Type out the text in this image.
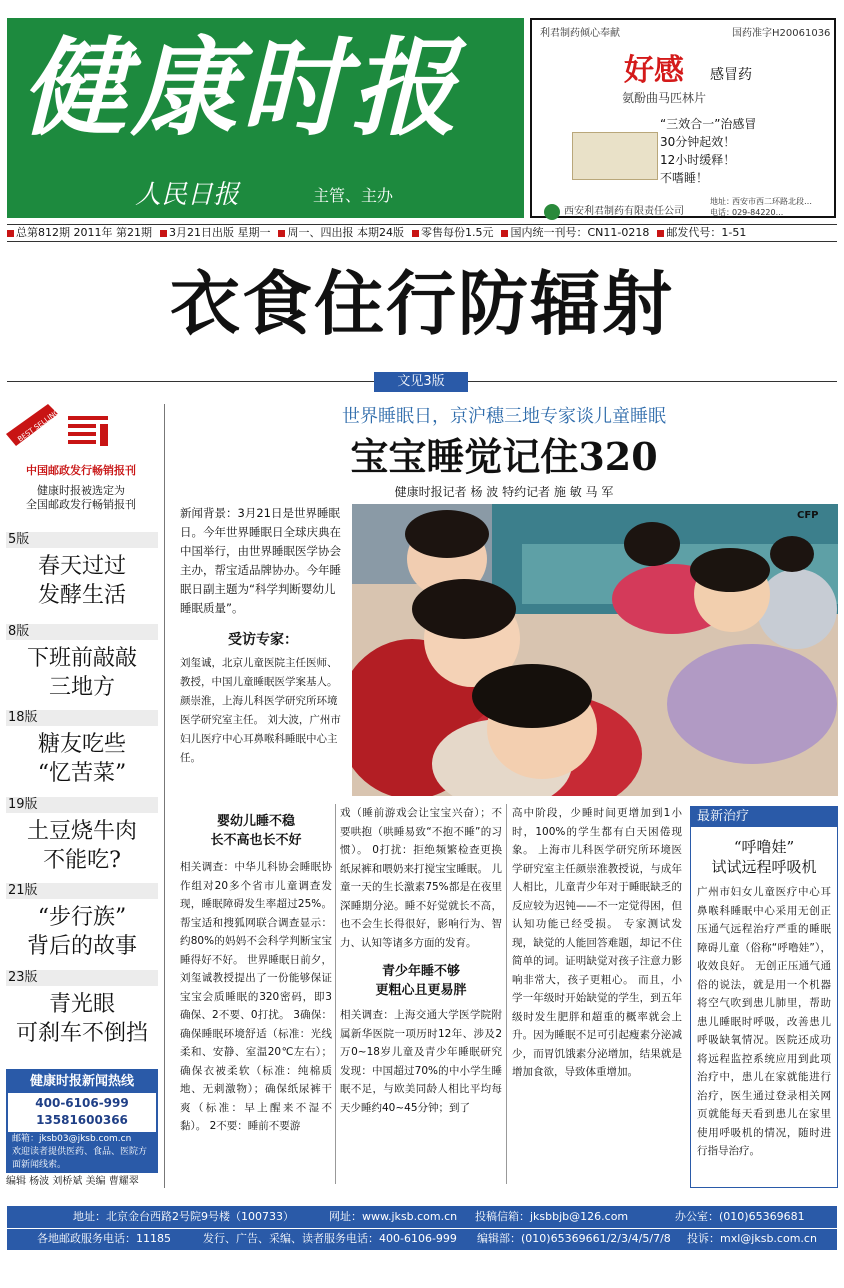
健康时报
人民日报	主管、主办
利君制药倾心奉献	国药准字H20061036
好感 感冒药
氨酚曲马匹林片
“三效合一”治感冒
30分钟起效！
12小时缓释！
不嗜睡！
西安利君制药有限责任公司
地址：
西安市西二环路北段…
电话：
029-84220...
总第812期 2011年 第21期 3月21日出版 星期一 周一、四出报 本期24版 零售每份1.5元 国内统一刊号：CN11-0218 邮发代号：1-51
衣食住行防辐射
文见3版
BEST SELLING
中国邮政发行畅销报刊
健康时报被选定为
全国邮政发行畅销报刊
5版
春天过过
发酵生活
8版
下班前敲敲
三地方
18版
糖友吃些
“忆苦菜”
19版
土豆烧牛肉
不能吃?
21版
“步行族”
背后的故事
23版
青光眼
可刹车不倒挡
健康时报新闻热线
400-6106-999
13581600366
邮箱：jksb03@jksb.com.cn
欢迎读者提供医药、食品、医院方面新闻线索。
编辑 杨波 刘桥斌 美编 曹耀翠
世界睡眠日，京沪穗三地专家谈儿童睡眠
宝宝睡觉记住320
健康时报记者 杨 波 特约记者 施 敏 马 军
新闻背景：3月21日是世界睡眠日。今年世界睡眠日全球庆典在中国举行，由世界睡眠医学协会主办，帮宝适品牌协办。今年睡眠日副主题为“科学判断婴幼儿睡眠质量”。
受访专家：
刘玺诚，北京儿童医院主任医师、教授，中国儿童睡眠医学案基人。 颜崇淮，上海儿科医学研究所环境医学研究室主任。 刘大波，广州市妇儿医疗中心耳鼻喉科睡眠中心主任。
CFP
婴幼儿睡不稳
长不高也长不好
相关调查：中华儿科协会睡眠协作组对20多个省市儿童调查发现，睡眠障碍发生率超过25%。帮宝适和搜狐网联合调查显示：约80%的妈妈不会科学判断宝宝睡得好不好。 世界睡眠日前夕，刘玺诚教授提出了一份能够保证宝宝会质睡眠的320密码，即3确保、2不要、0打扰。 3确保：确保睡眠环境舒适（标准：光线柔和、安静、室温20℃左右）；确保衣被柔软（标准：纯棉质地、无刺激物）；确保纸尿裤干爽（标准：早上醒来不湿不黏）。 2不要：睡前不要游
戏（睡前游戏会让宝宝兴奋）；不要哄抱（哄睡易致“不抱不睡”的习惯）。 0打扰：拒绝频繁检查更换纸尿裤和喂奶来打搅宝宝睡眠。 儿童一天的生长激素75%都是在夜里深睡期分泌。睡不好觉就长不高，也不会生长得很好，影响行为、智力、认知等诸多方面的发育。
青少年睡不够
更粗心且更易胖
相关调查：上海交通大学医学院附属新华医院一项历时12年、涉及2万0~18岁儿童及青少年睡眠研究发现：中国超过70%的中小学生睡眠不足，与欧美同龄人相比平均每天少睡约40~45分钟；到了
高中阶段，少睡时间更增加到1小时，100%的学生都有白天困倦现象。 上海市儿科医学研究所环境医学研究室主任颜崇淮教授说，与成年人相比，儿童青少年对于睡眠缺乏的反应较为迟钝——不一定觉得困，但认知功能已经受损。 专家测试发现，缺觉的人能回答难题，却记不住简单的词。证明缺觉对孩子注意力影响非常大，孩子更粗心。 而且，小学一年级时开始缺觉的学生，到五年级时发生肥胖和超重的概率就会上升。因为睡眠不足可引起瘦素分泌减少，而胃饥饿素分泌增加，结果就是增加食欲，导致体重增加。
最新治疗
“呼噜娃”
试试远程呼吸机
广州市妇女儿童医疗中心耳鼻喉科睡眠中心采用无创正压通气远程治疗严重的睡眠障碍儿童（俗称“呼噜娃”），收效良好。 无创正压通气通俗的说法，就是用一个机器将空气吹到患儿肺里，帮助患儿睡眠时呼吸，改善患儿呼吸缺氧情况。医院还成功将远程监控系统应用到此项治疗中，患儿在家就能进行治疗，医生通过登录相关网页就能每天看到患儿在家里使用呼吸机的情况，随时进行指导治疗。
地址：北京金台西路2号院9号楼（100733）	网址：www.jksb.com.cn 投稿信箱：jksbbjb@126.com	办公室：(010)65369681
各地邮政服务电话：11185	发行、广告、采编、读者服务电话：400-6106-999 编辑部：(010)65369661/2/3/4/5/7/8 投诉：mxl@jksb.com.cn
